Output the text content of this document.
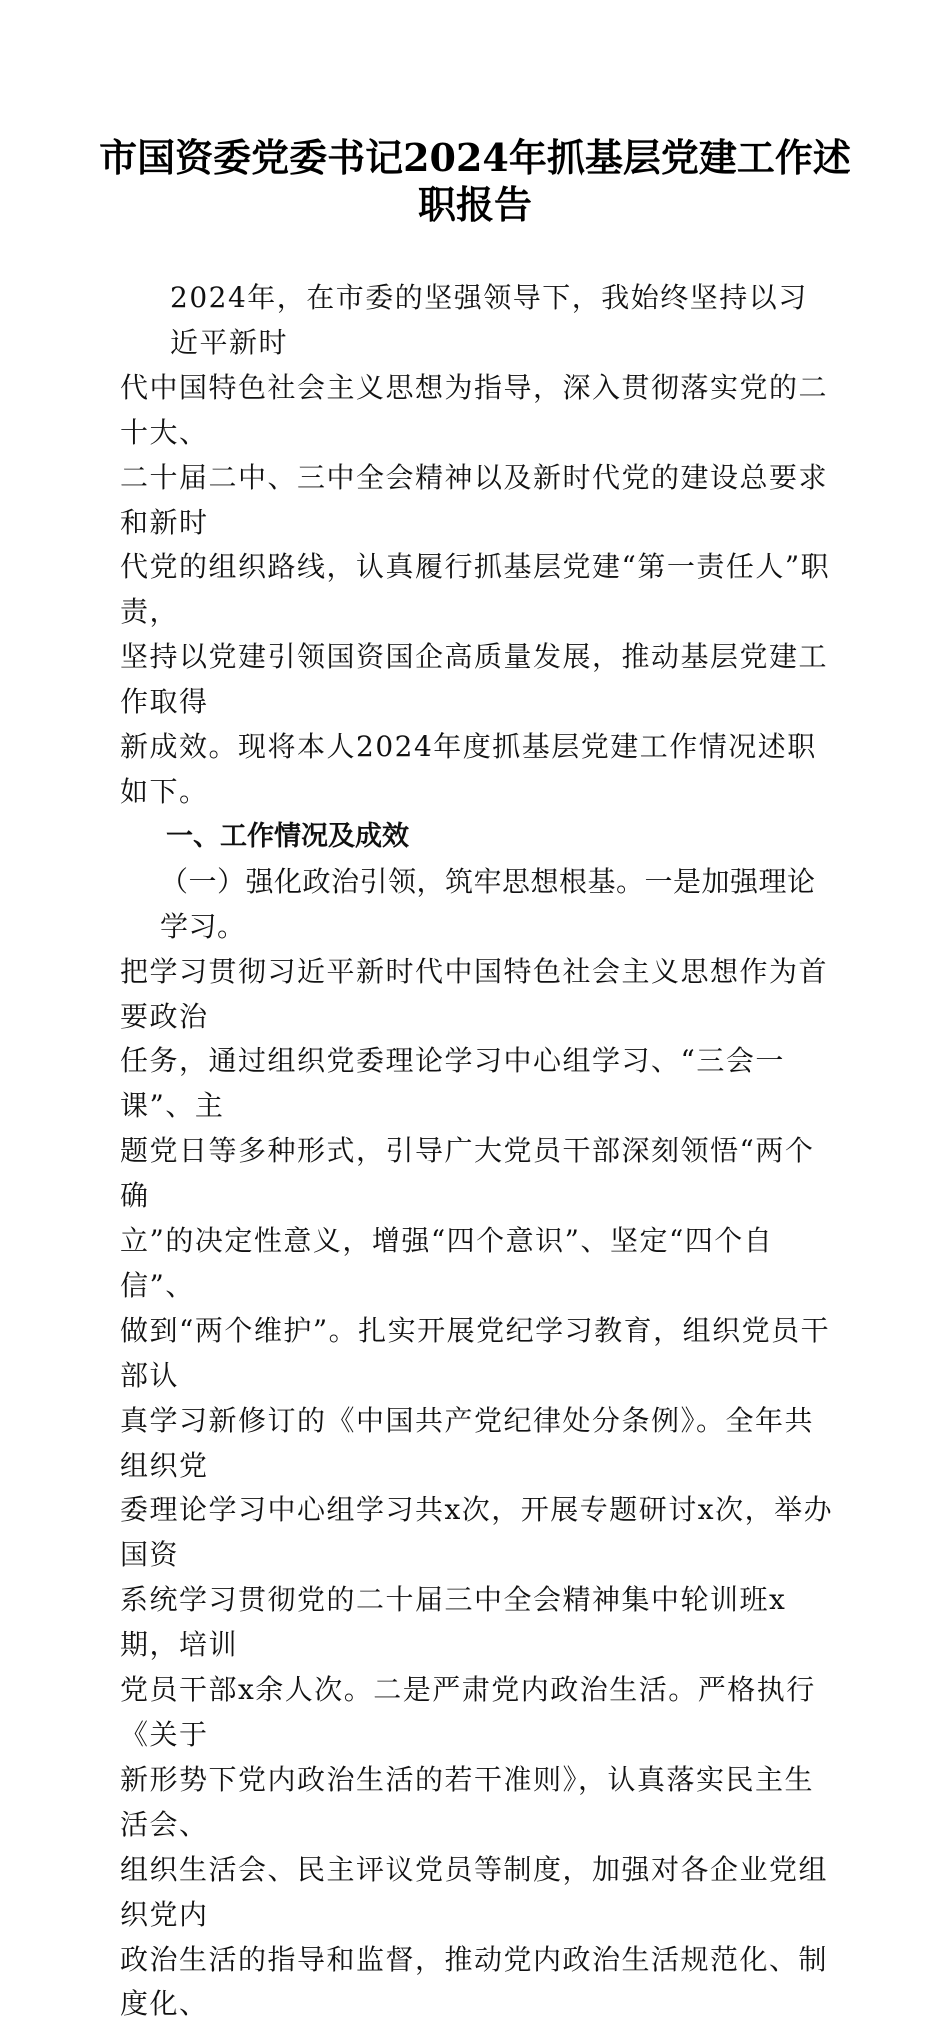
市国资委党委书记2024年抓基层党建工作述
职报告
2024年，在市委的坚强领导下，我始终坚持以习近平新时
代中国特色社会主义思想为指导，深入贯彻落实党的二十大、
二十届二中、三中全会精神以及新时代党的建设总要求和新时
代党的组织路线，认真履行抓基层党建“第一责任人”职责，
坚持以党建引领国资国企高质量发展，推动基层党建工作取得
新成效。现将本人2024年度抓基层党建工作情况述职如下。
一、工作情况及成效
（一）强化政治引领，筑牢思想根基。一是加强理论学习。
把学习贯彻习近平新时代中国特色社会主义思想作为首要政治
任务，通过组织党委理论学习中心组学习、“三会一课”、主
题党日等多种形式，引导广大党员干部深刻领悟“两个确
立”的决定性意义，增强“四个意识”、坚定“四个自信”、
做到“两个维护”。扎实开展党纪学习教育，组织党员干部认
真学习新修订的《中国共产党纪律处分条例》。全年共组织党
委理论学习中心组学习共x次，开展专题研讨x次，举办国资
系统学习贯彻党的二十届三中全会精神集中轮训班x期，培训
党员干部x余人次。二是严肃党内政治生活。严格执行《关于
新形势下党内政治生活的若干准则》，认真落实民主生活会、
组织生活会、民主评议党员等制度，加强对各企业党组织党内
政治生活的指导和监督，推动党内政治生活规范化、制度化、
